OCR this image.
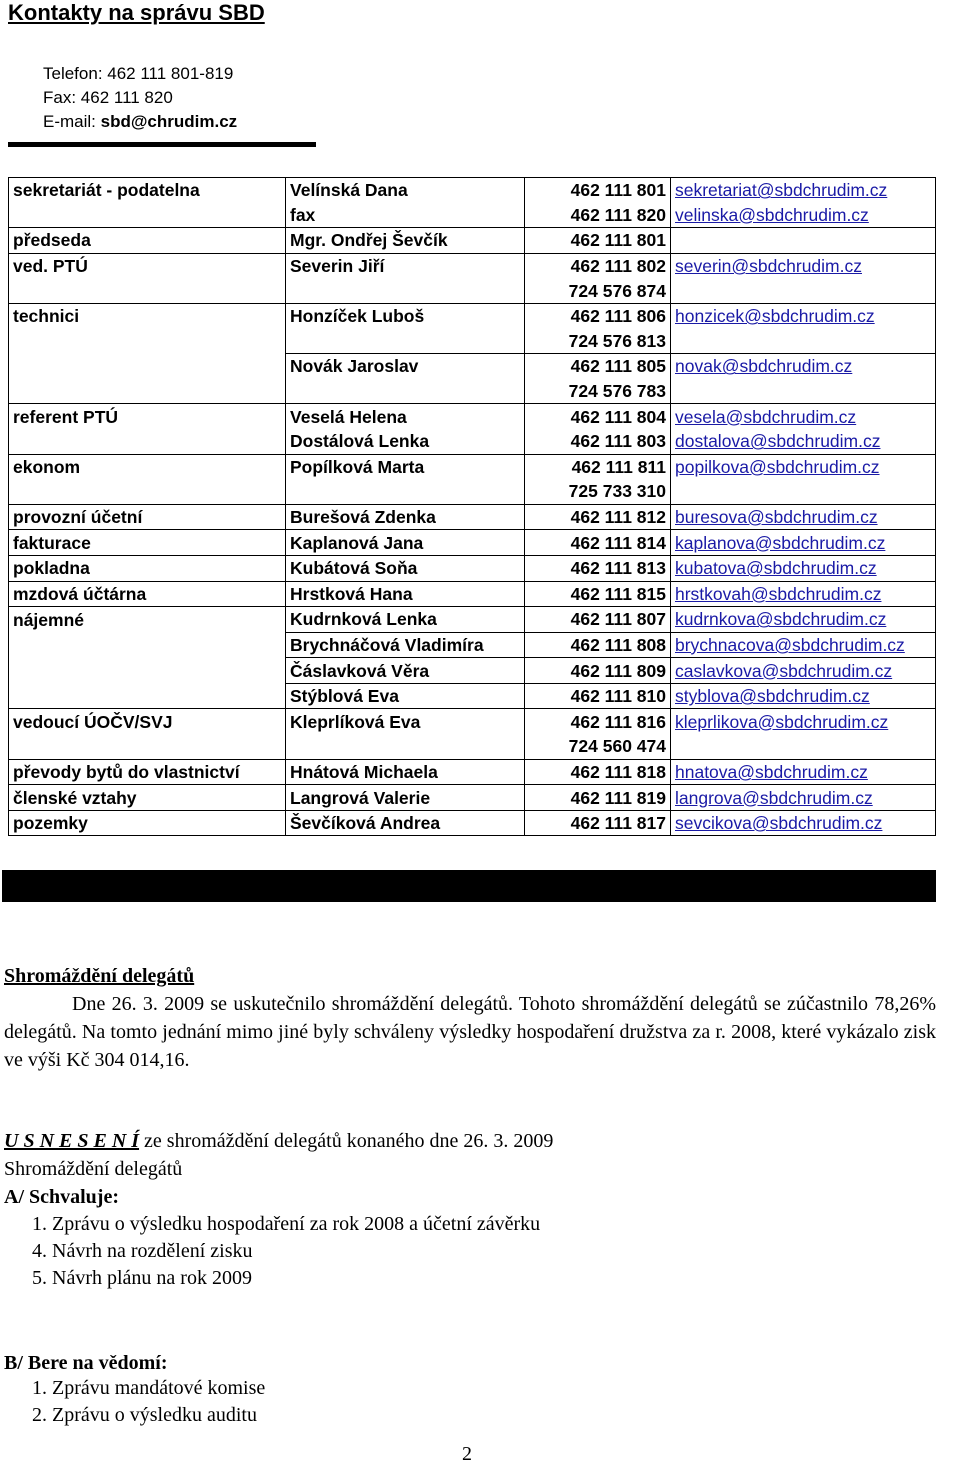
Kontakty na správu SBD
Telefon: 462 111 801-819
Fax: 462 111 820
E-mail: sbd@chrudim.cz
sekretariát - podatelna	Velínská Dana	462 111 801	sekretariat@sbdchrudim.cz
	fax	462 111 820	velinska@sbdchrudim.cz
předseda	Mgr. Ondřej Ševčík	462 111 801	
ved. PTÚ	Severin Jiří	462 111 802	severin@sbdchrudim.cz
		724 576 874	
technici	Honzíček Luboš	462 111 806	honzicek@sbdchrudim.cz
		724 576 813	
	Novák Jaroslav	462 111 805	novak@sbdchrudim.cz
		724 576 783	
referent PTÚ	Veselá Helena	462 111 804	vesela@sbdchrudim.cz
	Dostálová Lenka	462 111 803	dostalova@sbdchrudim.cz
ekonom	Popílková Marta	462 111 811	popilkova@sbdchrudim.cz
		725 733 310	
provozní účetní	Burešová Zdenka	462 111 812	buresova@sbdchrudim.cz
fakturace	Kaplanová Jana	462 111 814	kaplanova@sbdchrudim.cz
pokladna	Kubátová Soňa	462 111 813	kubatova@sbdchrudim.cz
mzdová účtárna	Hrstková Hana	462 111 815	hrstkovah@sbdchrudim.cz
nájemné	Kudrnková Lenka	462 111 807	kudrnkova@sbdchrudim.cz
	Brychnáčová Vladimíra	462 111 808	brychnacova@sbdchrudim.cz
	Čáslavková Věra	462 111 809	caslavkova@sbdchrudim.cz
	Stýblová Eva	462 111 810	styblova@sbdchrudim.cz
vedoucí ÚOČV/SVJ	Kleprlíková Eva	462 111 816	kleprlikova@sbdchrudim.cz
		724 560 474	
převody bytů do vlastnictví	Hnátová Michaela	462 111 818	hnatova@sbdchrudim.cz
členské vztahy	Langrová Valerie	462 111 819	langrova@sbdchrudim.cz
pozemky	Ševčíková Andrea	462 111 817	sevcikova@sbdchrudim.cz
Shromáždění delegátů
Dne 26. 3. 2009 se uskutečnilo shromáždění delegátů. Tohoto shromáždění delegátů se zúčastnilo 78,26% delegátů. Na tomto jednání mimo jiné byly schváleny výsledky hospodaření družstva za r. 2008, které vykázalo zisk ve výši Kč 304 014,16.
U S N E S E N Í ze shromáždění delegátů konaného dne 26. 3. 2009
Shromáždění delegátů
A/ Schvaluje:
1. Zprávu o výsledku hospodaření za rok 2008 a účetní závěrku
4. Návrh na rozdělení zisku
5. Návrh plánu na rok 2009
B/ Bere na vědomí:
1. Zprávu mandátové komise
2. Zprávu o výsledku auditu
2
